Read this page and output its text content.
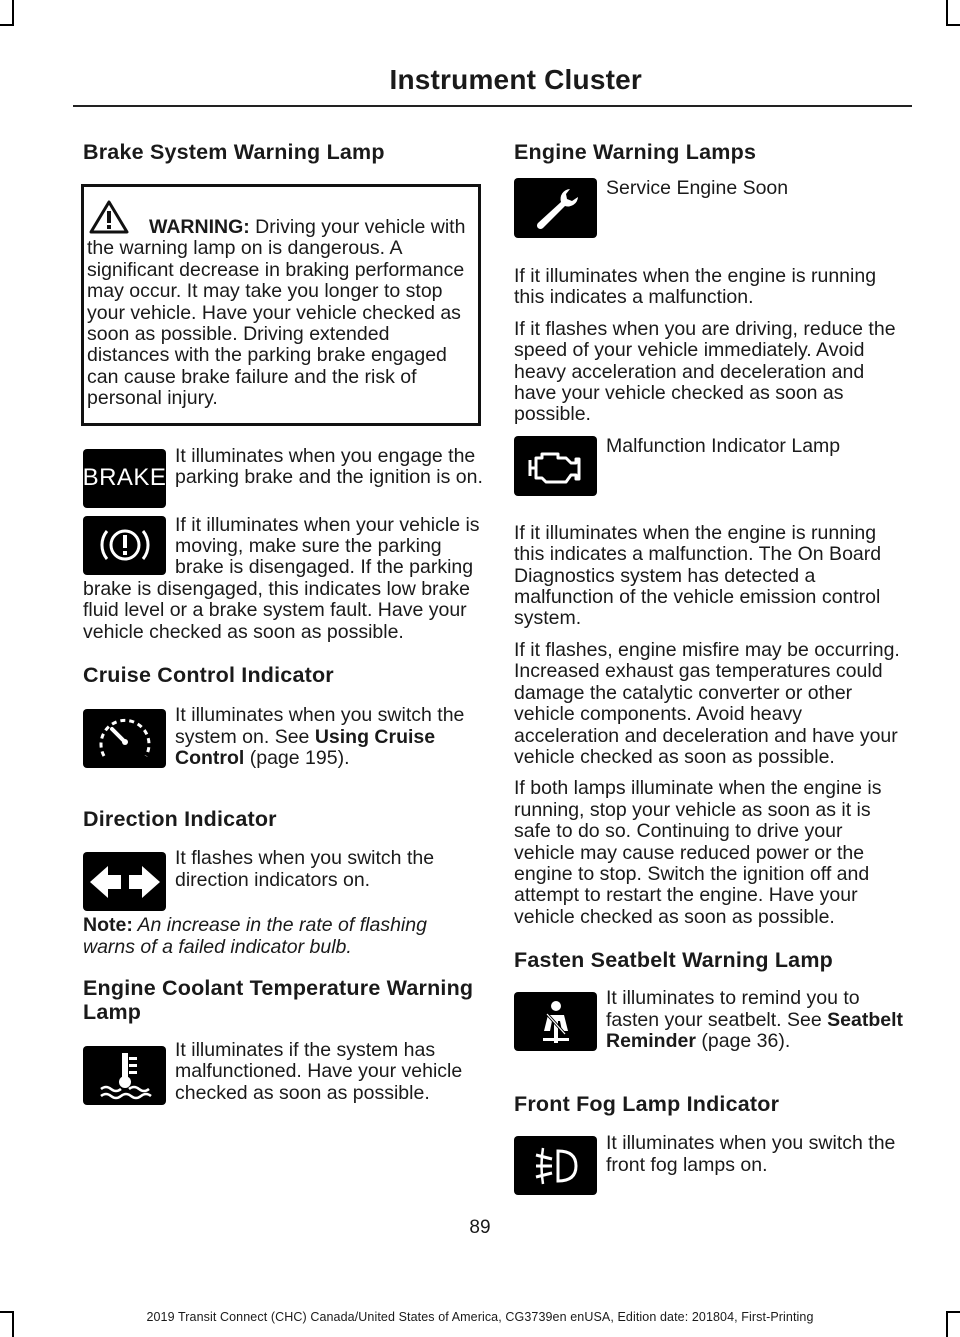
Instrument Cluster
Brake System Warning Lamp

WARNING: Driving your vehicle with the warning lamp on is dangerous. A significant decrease in braking performance may occur. It may take you longer to stop your vehicle. Have your vehicle checked as soon as possible. Driving extended distances with the parking brake engaged can cause brake failure and the risk of personal injury.

BRAKE
It illuminates when you engage the parking brake and the ignition is on.
If it illuminates when your vehicle is moving, make sure the parking brake is disengaged. If the parking brake is disengaged, this indicates low brake fluid level or a brake system fault. Have your vehicle checked as soon as possible.
Cruise Control Indicator
It illuminates when you switch the system on. See Using Cruise Control (page 195).
Direction Indicator
It flashes when you switch the direction indicators on.

Note: An increase in the rate of flashing warns of a failed indicator bulb.

Engine Coolant Temperature Warning Lamp
It illuminates if the system has malfunctioned. Have your vehicle checked as soon as possible.
Engine Warning Lamps
Service Engine Soon

If it illuminates when the engine is running this indicates a malfunction.

If it flashes when you are driving, reduce the speed of your vehicle immediately. Avoid heavy acceleration and deceleration and have your vehicle checked as soon as possible.

Malfunction Indicator Lamp

If it illuminates when the engine is running this indicates a malfunction. The On Board Diagnostics system has detected a malfunction of the vehicle emission control system.

If it flashes, engine misfire may be occurring. Increased exhaust gas temperatures could damage the catalytic converter or other vehicle components. Avoid heavy acceleration and deceleration and have your vehicle checked as soon as possible.

If both lamps illuminate when the engine is running, stop your vehicle as soon as it is safe to do so. Continuing to drive your vehicle may cause reduced power or the engine to stop. Switch the ignition off and attempt to restart the engine. Have your vehicle checked as soon as possible.

Fasten Seatbelt Warning Lamp
It illuminates to remind you to fasten your seatbelt. See Seatbelt Reminder (page 36).
Front Fog Lamp Indicator
It illuminates when you switch the front fog lamps on.
89
2019 Transit Connect (CHC) Canada/United States of America, CG3739en enUSA, Edition date: 201804, First-Printing
